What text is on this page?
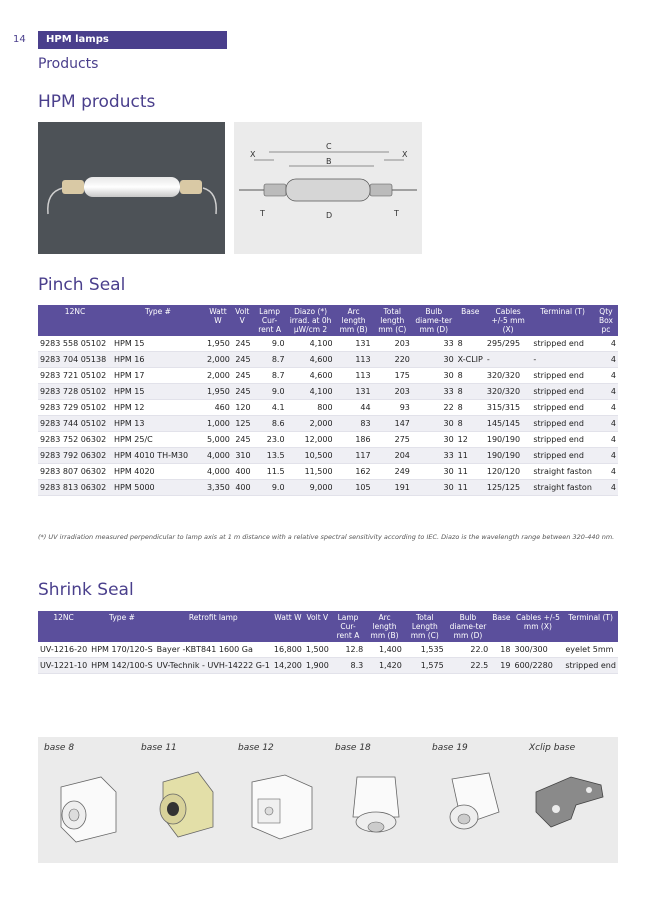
14	HPM lamps
Products
HPM products
X
C
B
X
T	D	T
Pinch Seal
12NC	Type #	Watt W	Volt V	Lamp Cur-rent A	Diazo (*) irrad. at 0h µW/cm 2	Arc length mm (B)	Total length mm (C)	Bulb diame-ter mm (D)	Base	Cables +/-5 mm (X)	Terminal (T)	Qty Box pc
9283 558 05102	HPM 15	1,950	245	9.0	4,100	131	203	33	8	295/295	stripped end	4
9283 704 05138	HPM 16	2,000	245	8.7	4,600	113	220	30	X-CLIP	-	-	4
9283 721 05102	HPM 17	2,000	245	8.7	4,600	113	175	30	8	320/320	stripped end	4
9283 728 05102	HPM 15	1,950	245	9.0	4,100	131	203	33	8	320/320	stripped end	4
9283 729 05102	HPM 12	460	120	4.1	800	44	93	22	8	315/315	stripped end	4
9283 744 05102	HPM 13	1,000	125	8.6	2,000	83	147	30	8	145/145	stripped end	4
9283 752 06302	HPM 25/C	5,000	245	23.0	12,000	186	275	30	12	190/190	stripped end	4
9283 792 06302	HPM 4010 TH-M30	4,000	310	13.5	10,500	117	204	33	11	190/190	stripped end	4
9283 807 06302	HPM 4020	4,000	400	11.5	11,500	162	249	30	11	120/120	straight faston	4
9283 813 06302	HPM 5000	3,350	400	9.0	9,000	105	191	30	11	125/125	straight faston	4
(*) UV irradiation measured perpendicular to lamp axis at 1 m distance with a relative spectral sensitivity according to IEC. Diazo is the wavelength range between 320-440 nm.
Shrink Seal
12NC	Type #	Retrofit lamp	Watt W	Volt V	Lamp Cur-rent A	Arc length mm (B)	Total Length mm (C)	Bulb diame-ter mm (D)	Base	Cables +/-5 mm (X)	Terminal (T)
UV-1216-20	HPM 170/120-S	Bayer -KBT841 1600 Ga	16,800	1,500	12.8	1,400	1,535	22.0	18	300/300	eyelet 5mm
UV-1221-10	HPM 142/100-S	UV-Technik - UVH-14222 G-1	14,200	1,900	8.3	1,420	1,575	22.5	19	600/2280	stripped end
base 8	base 11	base 12	base 18	base 19	Xclip base
